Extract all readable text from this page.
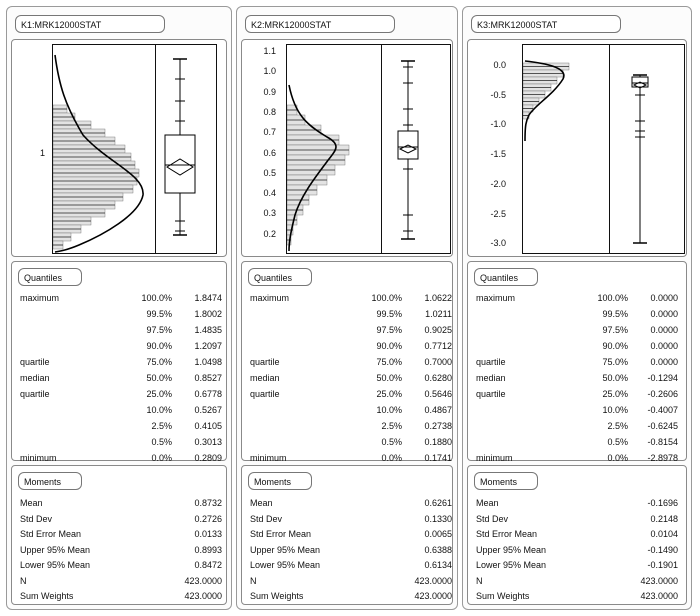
K1:MRK12000STAT
1
Quantiles
maximum	100.0%	1.8474
99.5%	1.8002
97.5%	1.4835
90.0%	1.2097
quartile	75.0%	1.0498
median	50.0%	0.8527
quartile	25.0%	0.6778
10.0%	0.5267
2.5%	0.4105
0.5%	0.3013
minimum	0.0%	0.2809
Moments
Mean	0.8732
Std Dev	0.2726
Std Error Mean	0.0133
Upper 95% Mean	0.8993
Lower 95% Mean	0.8472
N	423.0000
Sum Weights	423.0000
K2:MRK12000STAT
1.1
1.0
0.9
0.8
0.7
0.6
0.5
0.4
0.3
0.2
Quantiles
maximum	100.0%	1.0622
99.5%	1.0211
97.5%	0.9025
90.0%	0.7712
quartile	75.0%	0.7000
median	50.0%	0.6280
quartile	25.0%	0.5646
10.0%	0.4867
2.5%	0.2738
0.5%	0.1880
minimum	0.0%	0.1741
Moments
Mean	0.6261
Std Dev	0.1330
Std Error Mean	0.0065
Upper 95% Mean	0.6388
Lower 95% Mean	0.6134
N	423.0000
Sum Weights	423.0000
K3:MRK12000STAT
0.0
-0.5
-1.0
-1.5
-2.0
-2.5
-3.0
Quantiles
maximum	100.0%	0.0000
99.5%	0.0000
97.5%	0.0000
90.0%	0.0000
quartile	75.0%	0.0000
median	50.0%	-0.1294
quartile	25.0%	-0.2606
10.0%	-0.4007
2.5%	-0.6245
0.5%	-0.8154
minimum	0.0%	-2.8978
Moments
Mean	-0.1696
Std Dev	0.2148
Std Error Mean	0.0104
Upper 95% Mean	-0.1490
Lower 95% Mean	-0.1901
N	423.0000
Sum Weights	423.0000
